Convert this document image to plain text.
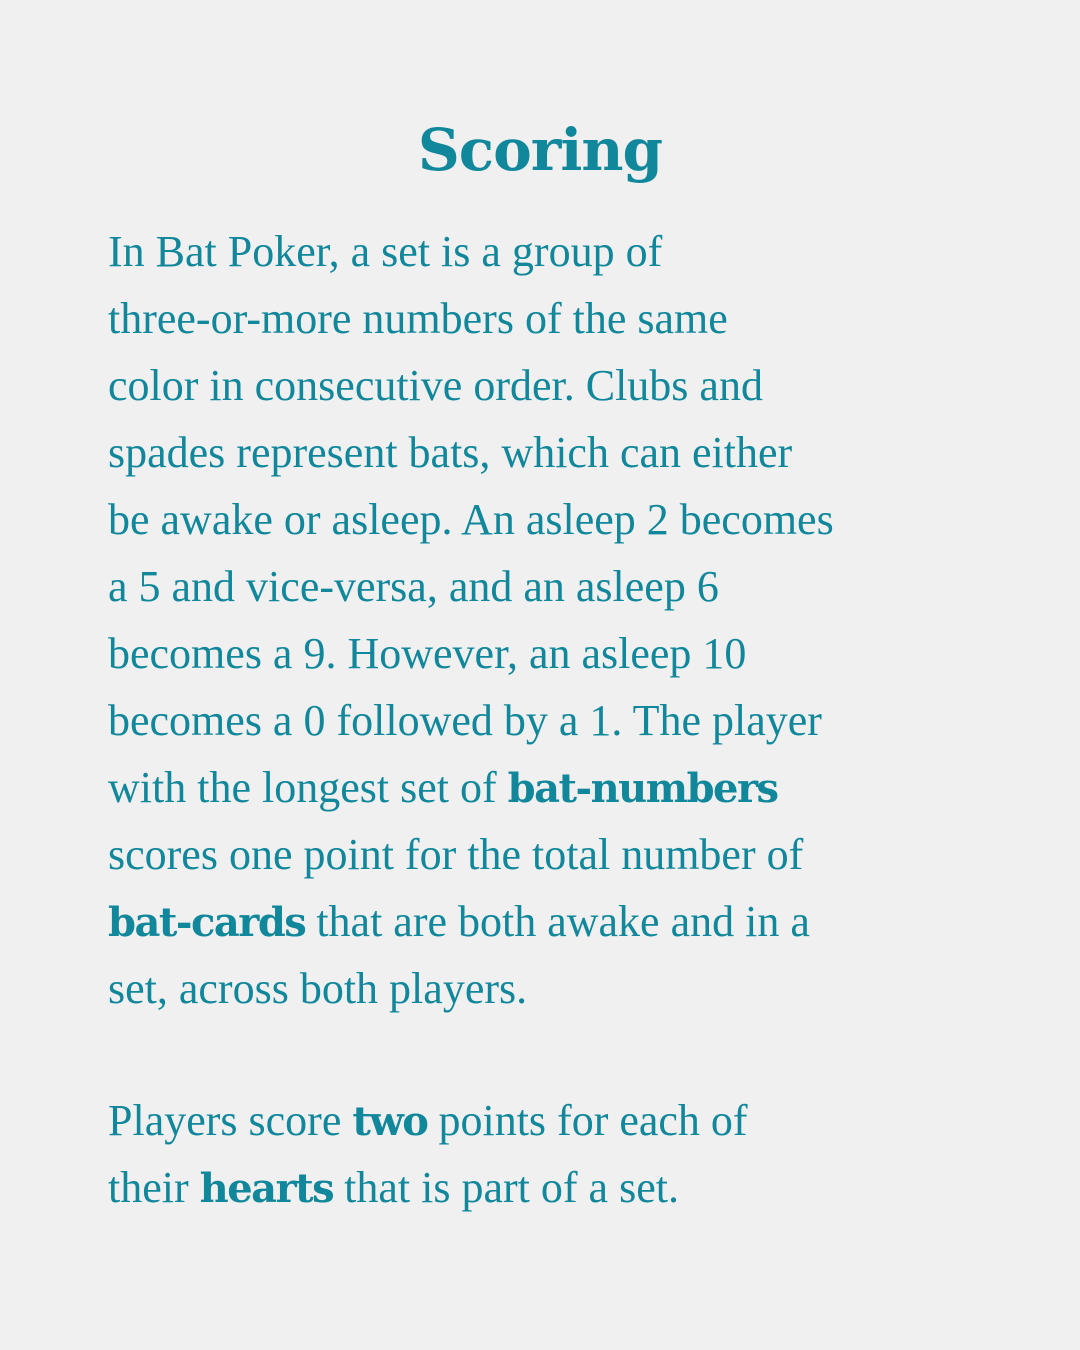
Scoring
In Bat Poker, a set is a group of
three-or-more numbers of the same
color in consecutive order. Clubs and
spades represent bats, which can either
be awake or asleep. An asleep 2 becomes
a 5 and vice-versa, and an asleep 6
becomes a 9. However, an asleep 10
becomes a 0 followed by a 1. The player
with the longest set of bat-numbers
scores one point for the total number of
bat-cards that are both awake and in a
set, across both players.
Players score two points for each of
their hearts that is part of a set.
